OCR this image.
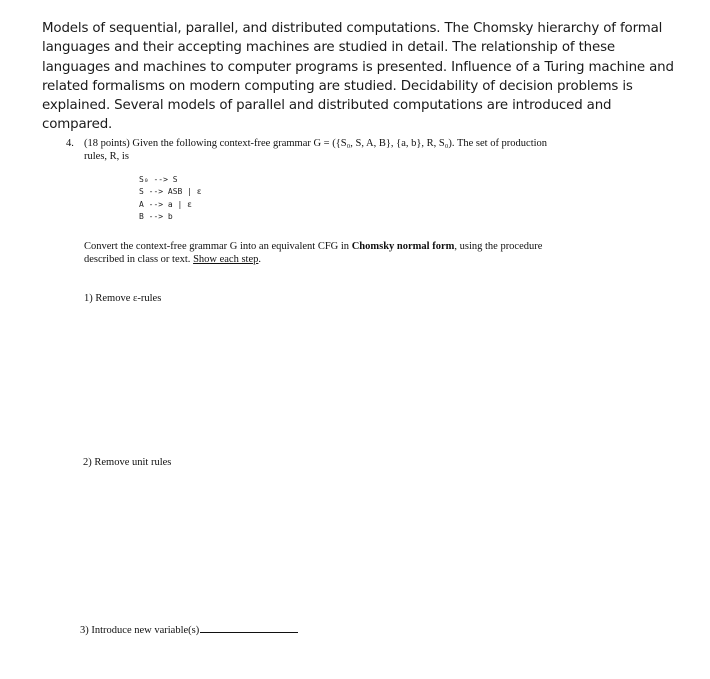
Models of sequential, parallel, and distributed computations. The Chomsky hierarchy of formal languages and their accepting machines are studied in detail. The relationship of these languages and machines to computer programs is presented. Influence of a Turing machine and related formalisms on modern computing are studied. Decidability of decision problems is explained. Several models of parallel and distributed computations are introduced and compared.

4. (18 points) Given the following context-free grammar G = ({S₀, S, A, B}, {a, b}, R, S₀). The set of production rules, R, is

S₀ --> S
S --> ASB | ε
A --> a | ε
B --> b

Convert the context-free grammar G into an equivalent CFG in Chomsky normal form, using the procedure described in class or text. Show each step.

1) Remove ε-rules

2) Remove unit rules

3) Introduce new variable(s)
